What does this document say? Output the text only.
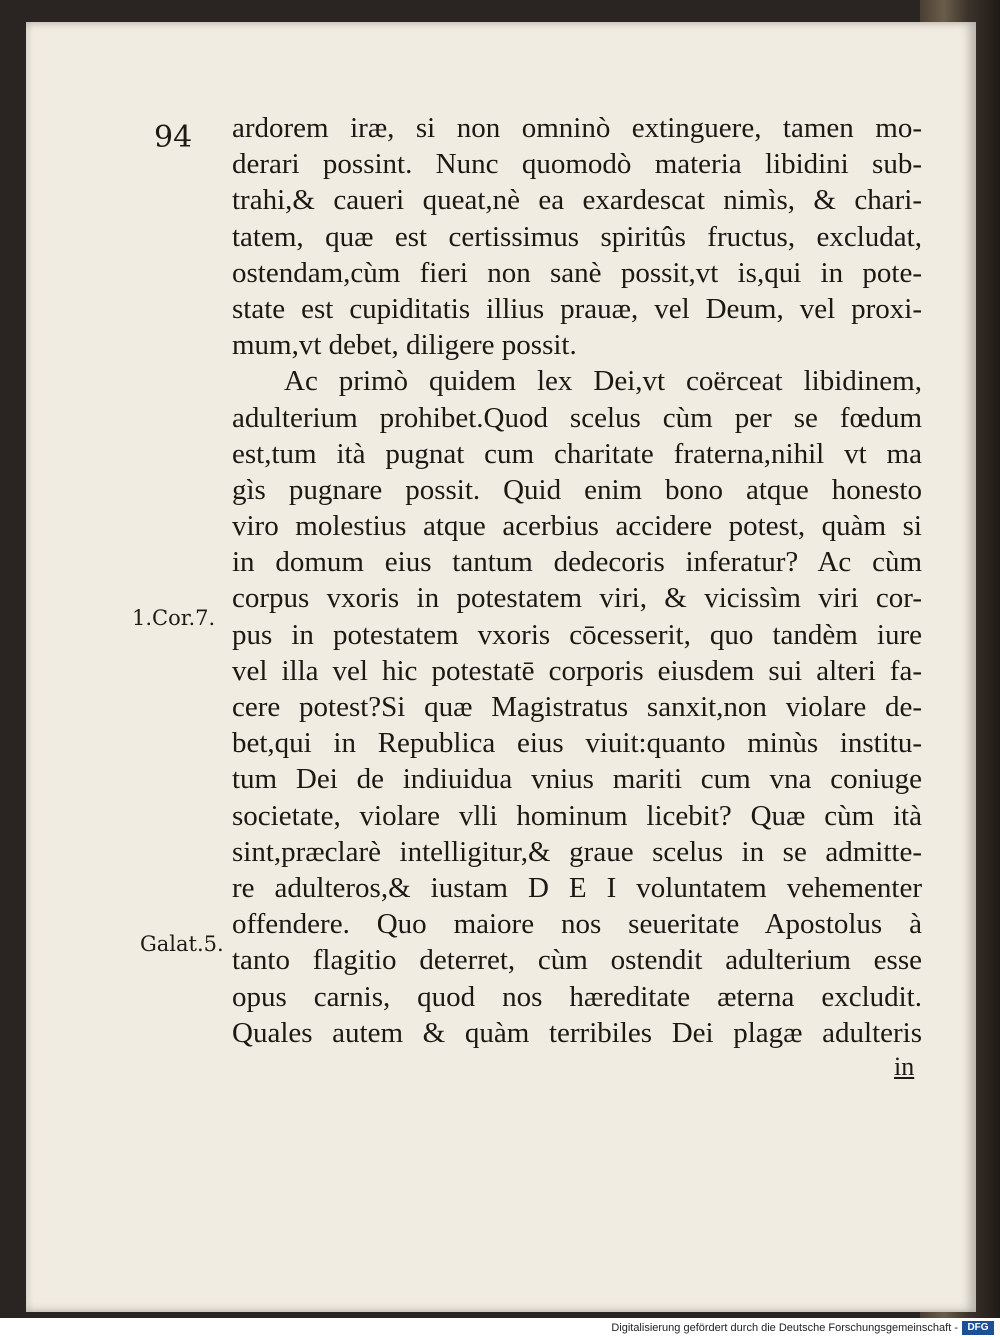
94
1.Cor.7.
Galat.5.
ardorem iræ, si non omninò extinguere, tamen mo-
derari possint. Nunc quomodò materia libidini sub-
trahi,& caueri queat,nè ea exardescat nimìs, & chari-
tatem, quæ est certissimus spiritûs fructus, excludat,
ostendam,cùm fieri non sanè possit,vt is,qui in pote-
state est cupiditatis illius prauæ, vel Deum, vel proxi-
mum,vt debet, diligere possit.
Ac primò quidem lex Dei,vt coërceat libidinem,
adulterium prohibet.Quod scelus cùm per se fœdum
est,tum ità pugnat cum charitate fraterna,nihil vt ma
gìs pugnare possit. Quid enim bono atque honesto
viro molestius atque acerbius accidere potest, quàm si
in domum eius tantum dedecoris inferatur? Ac cùm
corpus vxoris in potestatem viri, & vicissìm viri cor-
pus in potestatem vxoris cōcesserit, quo tandèm iure
vel illa vel hic potestatē corporis eiusdem sui alteri fa-
cere potest?Si quæ Magistratus sanxit,non violare de-
bet,qui in Republica eius viuit:quanto minùs institu-
tum Dei de indiuidua vnius mariti cum vna coniuge
societate, violare vlli hominum licebit? Quæ cùm ità
sint,præclarè intelligitur,& graue scelus in se admitte-
re adulteros,& iustam D E I voluntatem vehementer
offendere. Quo maiore nos seueritate Apostolus à
tanto flagitio deterret, cùm ostendit adulterium esse
opus carnis, quod nos hæreditate æterna excludit.
Quales autem & quàm terribiles Dei plagæ adulteris
in
Digitalisierung gefördert durch die Deutsche Forschungsgemeinschaft - DFG
